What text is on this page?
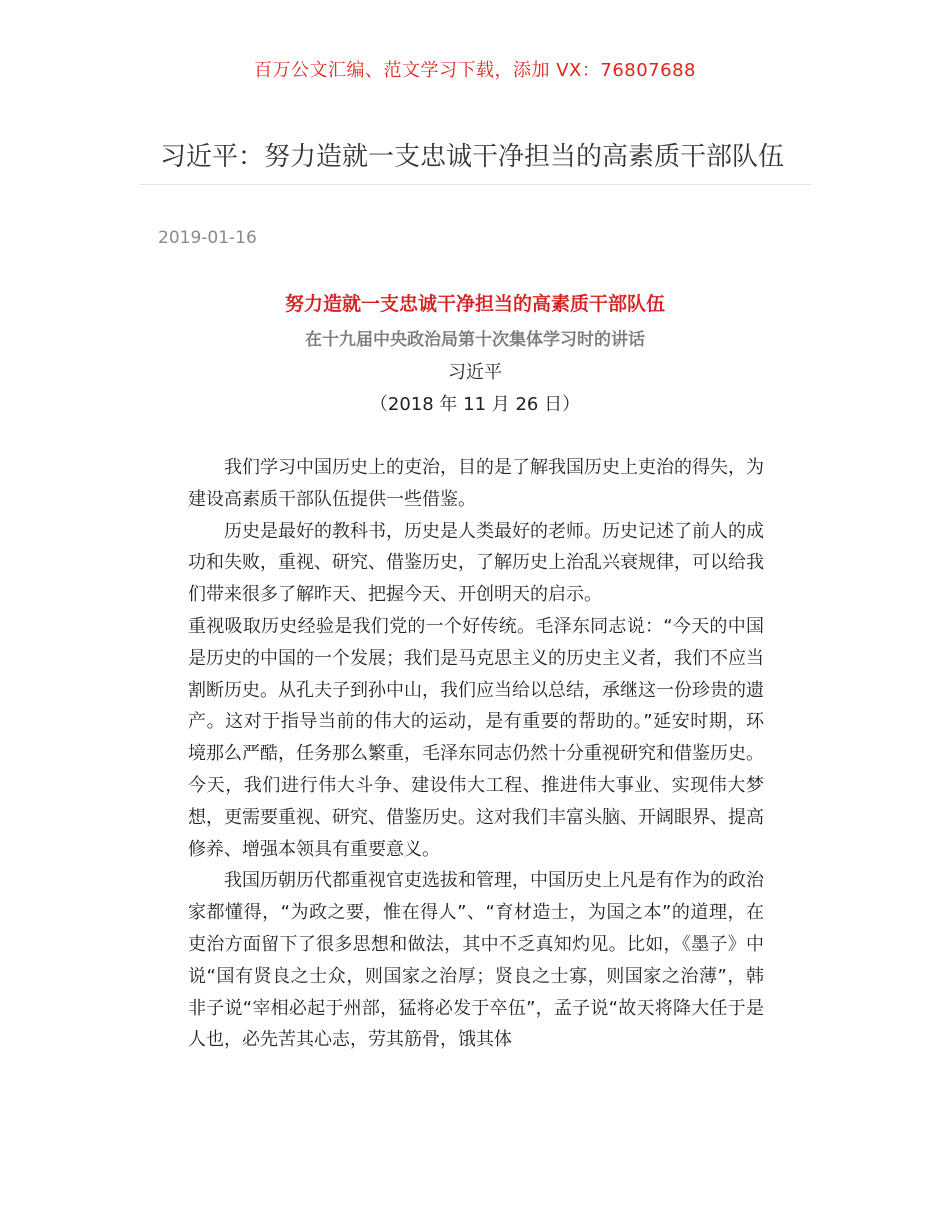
百万公文汇编、范文学习下载，添加 VX：76807688
习近平：努力造就一支忠诚干净担当的高素质干部队伍
2019-01-16
努力造就一支忠诚干净担当的高素质干部队伍
在十九届中央政治局第十次集体学习时的讲话
习近平
（2018 年 11 月 26 日）

我们学习中国历史上的吏治，目的是了解我国历史上吏治的得失，为建设高素质干部队伍提供一些借鉴。

历史是最好的教科书，历史是人类最好的老师。历史记述了前人的成功和失败，重视、研究、借鉴历史，了解历史上治乱兴衰规律，可以给我们带来很多了解昨天、把握今天、开创明天的启示。

重视吸取历史经验是我们党的一个好传统。毛泽东同志说：“今天的中国是历史的中国的一个发展；我们是马克思主义的历史主义者，我们不应当割断历史。从孔夫子到孙中山，我们应当给以总结，承继这一份珍贵的遗产。这对于指导当前的伟大的运动，是有重要的帮助的。”延安时期，环境那么严酷，任务那么繁重，毛泽东同志仍然十分重视研究和借鉴历史。今天，我们进行伟大斗争、建设伟大工程、推进伟大事业、实现伟大梦想，更需要重视、研究、借鉴历史。这对我们丰富头脑、开阔眼界、提高修养、增强本领具有重要意义。

我国历朝历代都重视官吏选拔和管理，中国历史上凡是有作为的政治家都懂得，“为政之要，惟在得人”、“育材造士，为国之本”的道理，在吏治方面留下了很多思想和做法，其中不乏真知灼见。比如，《墨子》中说“国有贤良之士众，则国家之治厚；贤良之士寡，则国家之治薄”，韩非子说“宰相必起于州部，猛将必发于卒伍”，孟子说“故天将降大任于是人也，必先苦其心志，劳其筋骨，饿其体
